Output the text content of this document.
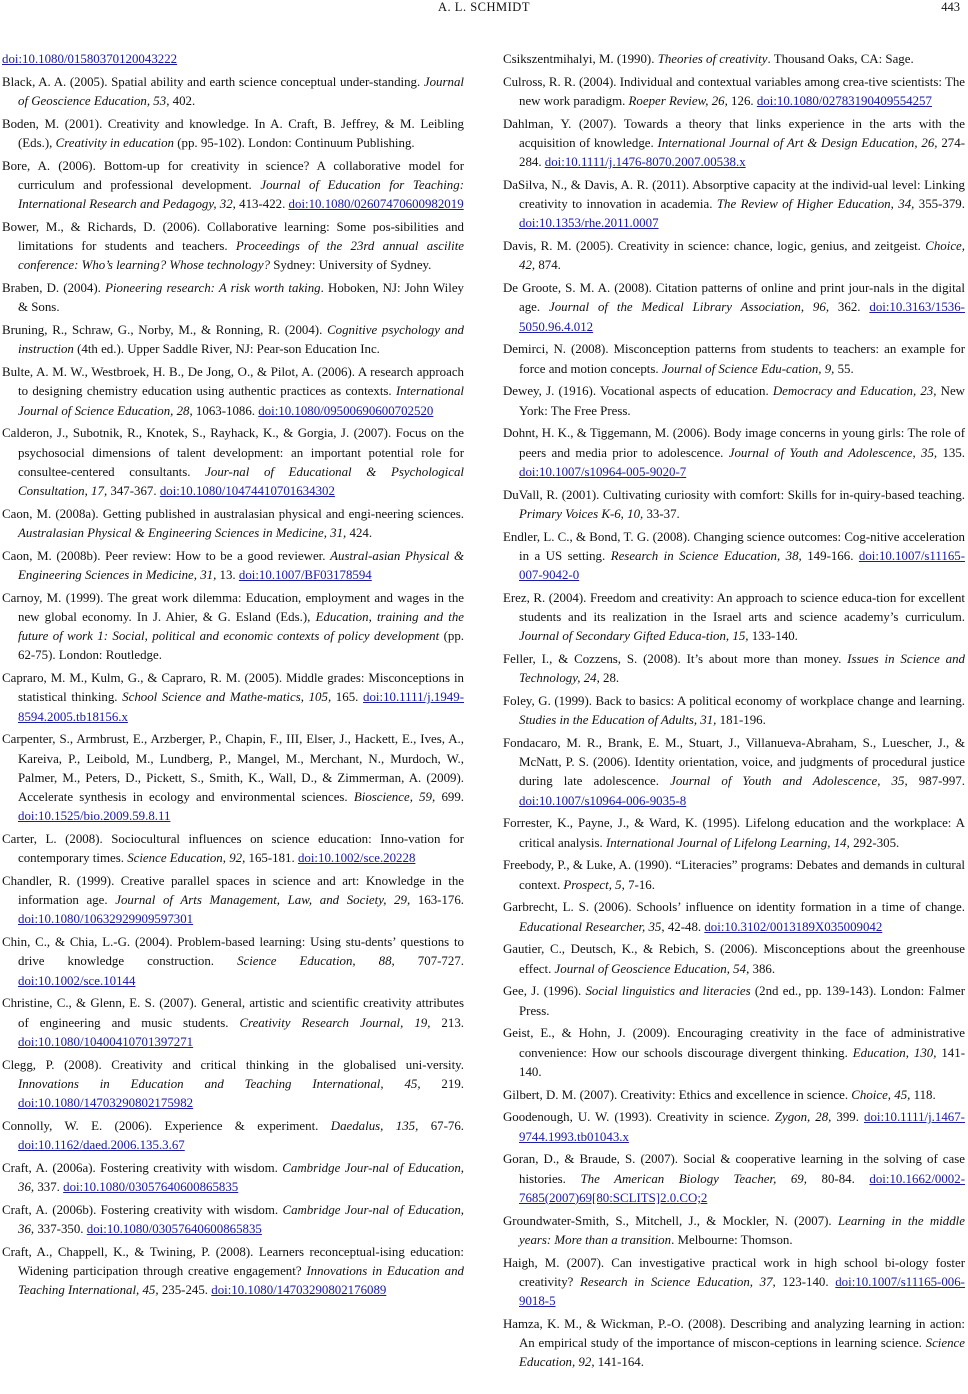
A. L. SCHMIDT	443

doi:10.1080/01580370120043222

Black, A. A. (2005). Spatial ability and earth science conceptual under-standing. Journal of Geoscience Education, 53, 402.

Boden, M. (2001). Creativity and knowledge. In A. Craft, B. Jeffrey, & M. Leibling (Eds.), Creativity in education (pp. 95-102). London: Continuum Publishing.

Bore, A. (2006). Bottom-up for creativity in science? A collaborative model for curriculum and professional development. Journal of Education for Teaching: International Research and Pedagogy, 32, 413-422. doi:10.1080/02607470600982019

Bower, M., & Richards, D. (2006). Collaborative learning: Some pos-sibilities and limitations for students and teachers. Proceedings of the 23rd annual ascilite conference: Who’s learning? Whose technology? Sydney: University of Sydney.

Braben, D. (2004). Pioneering research: A risk worth taking. Hoboken, NJ: John Wiley & Sons.

Bruning, R., Schraw, G., Norby, M., & Ronning, R. (2004). Cognitive psychology and instruction (4th ed.). Upper Saddle River, NJ: Pear-son Education Inc.

Bulte, A. M. W., Westbroek, H. B., De Jong, O., & Pilot, A. (2006). A research approach to designing chemistry education using authentic practices as contexts. International Journal of Science Education, 28, 1063-1086. doi:10.1080/09500690600702520

Calderon, J., Subotnik, R., Knotek, S., Rayhack, K., & Gorgia, J. (2007). Focus on the psychosocial dimensions of talent development: an important potential role for consultee-centered consultants. Jour-nal of Educational & Psychological Consultation, 17, 347-367. doi:10.1080/10474410701634302

Caon, M. (2008a). Getting published in australasian physical and engi-neering sciences. Australasian Physical & Engineering Sciences in Medicine, 31, 424.

Caon, M. (2008b). Peer review: How to be a good reviewer. Austral-asian Physical & Engineering Sciences in Medicine, 31, 13. doi:10.1007/BF03178594

Carnoy, M. (1999). The great work dilemma: Education, employment and wages in the new global economy. In J. Ahier, & G. Esland (Eds.), Education, training and the future of work 1: Social, political and economic contexts of policy development (pp. 62-75). London: Routledge.

Capraro, M. M., Kulm, G., & Capraro, R. M. (2005). Middle grades: Misconceptions in statistical thinking. School Science and Mathe-matics, 105, 165. doi:10.1111/j.1949-8594.2005.tb18156.x

Carpenter, S., Armbrust, E., Arzberger, P., Chapin, F., III, Elser, J., Hackett, E., Ives, A., Kareiva, P., Leibold, M., Lundberg, P., Mangel, M., Merchant, N., Murdoch, W., Palmer, M., Peters, D., Pickett, S., Smith, K., Wall, D., & Zimmerman, A. (2009). Accelerate synthesis in ecology and environmental sciences. Bioscience, 59, 699. doi:10.1525/bio.2009.59.8.11

Carter, L. (2008). Sociocultural influences on science education: Inno-vation for contemporary times. Science Education, 92, 165-181. doi:10.1002/sce.20228

Chandler, R. (1999). Creative parallel spaces in science and art: Knowledge in the information age. Journal of Arts Management, Law, and Society, 29, 163-176. doi:10.1080/10632929909597301

Chin, C., & Chia, L.-G. (2004). Problem-based learning: Using stu-dents’ questions to drive knowledge construction. Science Education, 88, 707-727. doi:10.1002/sce.10144

Christine, C., & Glenn, E. S. (2007). General, artistic and scientific creativity attributes of engineering and music students. Creativity Research Journal, 19, 213. doi:10.1080/10400410701397271

Clegg, P. (2008). Creativity and critical thinking in the globalised uni-versity. Innovations in Education and Teaching International, 45, 219. doi:10.1080/14703290802175982

Connolly, W. E. (2006). Experience & experiment. Daedalus, 135, 67-76. doi:10.1162/daed.2006.135.3.67

Craft, A. (2006a). Fostering creativity with wisdom. Cambridge Jour-nal of Education, 36, 337. doi:10.1080/03057640600865835

Craft, A. (2006b). Fostering creativity with wisdom. Cambridge Jour-nal of Education, 36, 337-350. doi:10.1080/03057640600865835

Craft, A., Chappell, K., & Twining, P. (2008). Learners reconceptual-ising education: Widening participation through creative engagement? Innovations in Education and Teaching International, 45, 235-245. doi:10.1080/14703290802176089

Csikszentmihalyi, M. (1990). Theories of creativity. Thousand Oaks, CA: Sage.

Culross, R. R. (2004). Individual and contextual variables among crea-tive scientists: The new work paradigm. Roeper Review, 26, 126. doi:10.1080/02783190409554257

Dahlman, Y. (2007). Towards a theory that links experience in the arts with the acquisition of knowledge. International Journal of Art & Design Education, 26, 274-284. doi:10.1111/j.1476-8070.2007.00538.x

DaSilva, N., & Davis, A. R. (2011). Absorptive capacity at the individ-ual level: Linking creativity to innovation in academia. The Review of Higher Education, 34, 355-379. doi:10.1353/rhe.2011.0007

Davis, R. M. (2005). Creativity in science: chance, logic, genius, and zeitgeist. Choice, 42, 874.

De Groote, S. M. A. (2008). Citation patterns of online and print jour-nals in the digital age. Journal of the Medical Library Association, 96, 362. doi:10.3163/1536-5050.96.4.012

Demirci, N. (2008). Misconception patterns from students to teachers: an example for force and motion concepts. Journal of Science Edu-cation, 9, 55.

Dewey, J. (1916). Vocational aspects of education. Democracy and Education, 23, New York: The Free Press.

Dohnt, H. K., & Tiggemann, M. (2006). Body image concerns in young girls: The role of peers and media prior to adolescence. Journal of Youth and Adolescence, 35, 135. doi:10.1007/s10964-005-9020-7

DuVall, R. (2001). Cultivating curiosity with comfort: Skills for in-quiry-based teaching. Primary Voices K-6, 10, 33-37.

Endler, L. C., & Bond, T. G. (2008). Changing science outcomes: Cog-nitive acceleration in a US setting. Research in Science Education, 38, 149-166. doi:10.1007/s11165-007-9042-0

Erez, R. (2004). Freedom and creativity: An approach to science educa-tion for excellent students and its realization in the Israel arts and science academy’s curriculum. Journal of Secondary Gifted Educa-tion, 15, 133-140.

Feller, I., & Cozzens, S. (2008). It’s about more than money. Issues in Science and Technology, 24, 28.

Foley, G. (1999). Back to basics: A political economy of workplace change and learning. Studies in the Education of Adults, 31, 181-196.

Fondacaro, M. R., Brank, E. M., Stuart, J., Villanueva-Abraham, S., Luescher, J., & McNatt, P. S. (2006). Identity orientation, voice, and judgments of procedural justice during late adolescence. Journal of Youth and Adolescence, 35, 987-997. doi:10.1007/s10964-006-9035-8

Forrester, K., Payne, J., & Ward, K. (1995). Lifelong education and the workplace: A critical analysis. International Journal of Lifelong Learning, 14, 292-305.

Freebody, P., & Luke, A. (1990). “Literacies” programs: Debates and demands in cultural context. Prospect, 5, 7-16.

Garbrecht, L. S. (2006). Schools’ influence on identity formation in a time of change. Educational Researcher, 35, 42-48. doi:10.3102/0013189X035009042

Gautier, C., Deutsch, K., & Rebich, S. (2006). Misconceptions about the greenhouse effect. Journal of Geoscience Education, 54, 386.

Gee, J. (1996). Social linguistics and literacies (2nd ed., pp. 139-143). London: Falmer Press.

Geist, E., & Hohn, J. (2009). Encouraging creativity in the face of administrative convenience: How our schools discourage divergent thinking. Education, 130, 141-140.

Gilbert, D. M. (2007). Creativity: Ethics and excellence in science. Choice, 45, 118.

Goodenough, U. W. (1993). Creativity in science. Zygon, 28, 399. doi:10.1111/j.1467-9744.1993.tb01043.x

Goran, D., & Braude, S. (2007). Social & cooperative learning in the solving of case histories. The American Biology Teacher, 69, 80-84. doi:10.1662/0002-7685(2007)69[80:SCLITS]2.0.CO;2

Groundwater-Smith, S., Mitchell, J., & Mockler, N. (2007). Learning in the middle years: More than a transition. Melbourne: Thomson.

Haigh, M. (2007). Can investigative practical work in high school bi-ology foster creativity? Research in Science Education, 37, 123-140. doi:10.1007/s11165-006-9018-5

Hamza, K. M., & Wickman, P.-O. (2008). Describing and analyzing learning in action: An empirical study of the importance of miscon-ceptions in learning science. Science Education, 92, 141-164.
